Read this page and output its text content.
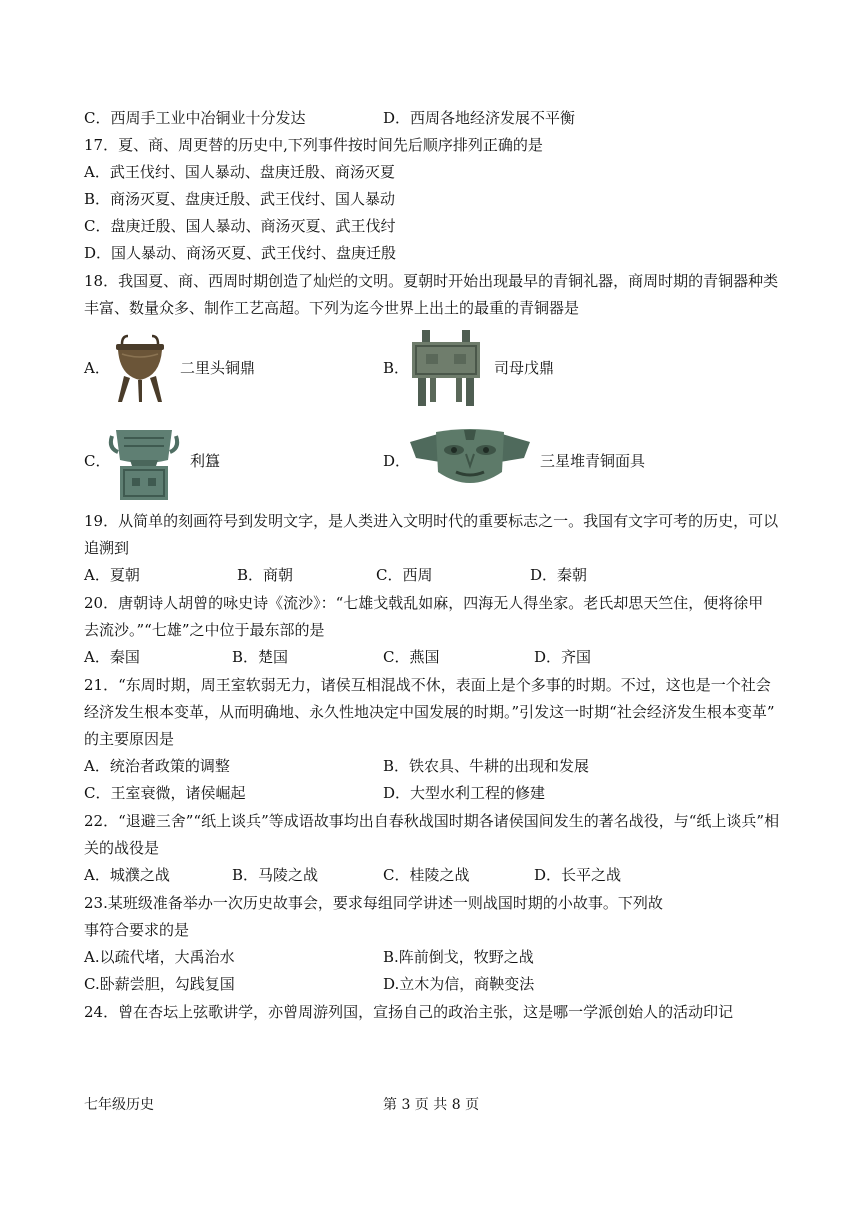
C．西周手工业中冶铜业十分发达	D．西周各地经济发展不平衡
17．夏、商、周更替的历史中,下列事件按时间先后顺序排列正确的是
A．武王伐纣、国人暴动、盘庚迁殷、商汤灭夏
B．商汤灭夏、盘庚迁殷、武王伐纣、国人暴动
C．盘庚迁殷、国人暴动、商汤灭夏、武王伐纣
D．国人暴动、商汤灭夏、武王伐纣、盘庚迁殷
18．我国夏、商、西周时期创造了灿烂的文明。夏朝时开始出现最早的青铜礼器，商周时期的青铜器种类
丰富、数量众多、制作工艺高超。下列为迄今世界上出土的最重的青铜器是
A．	二里头铜鼎	B．	司母戊鼎
C．	利簋	D．	三星堆青铜面具
19．从简单的刻画符号到发明文字，是人类进入文明时代的重要标志之一。我国有文字可考的历史，可以
追溯到
A．夏朝	B．商朝	C．西周	D．秦朝
20．唐朝诗人胡曾的咏史诗《流沙》：“七雄戈戟乱如麻，四海无人得坐家。老氏却思天竺住，便将徐甲
去流沙。”“七雄”之中位于最东部的是
A．秦国	B．楚国	C．燕国	D．齐国
21．“东周时期，周王室软弱无力，诸侯互相混战不休，表面上是个多事的时期。不过，这也是一个社会
经济发生根本变革，从而明确地、永久性地决定中国发展的时期。”引发这一时期“社会经济发生根本变革”
的主要原因是
A．统治者政策的调整	B．铁农具、牛耕的出现和发展
C．王室衰微，诸侯崛起	D．大型水利工程的修建
22．“退避三舍”“纸上谈兵”等成语故事均出自春秋战国时期各诸侯国间发生的著名战役，与“纸上谈兵”相
关的战役是
A．城濮之战	B．马陵之战	C．桂陵之战	D．长平之战
23.某班级准备举办一次历史故事会，要求每组同学讲述一则战国时期的小故事。下列故
事符合要求的是
A.以疏代堵，大禹治水	B.阵前倒戈，牧野之战
C.卧薪尝胆，勾践复国	D.立木为信，商鞅变法
24．曾在杏坛上弦歌讲学，亦曾周游列国，宣扬自己的政治主张，这是哪一学派创始人的活动印记
七年级历史	第 3 页 共 8 页
